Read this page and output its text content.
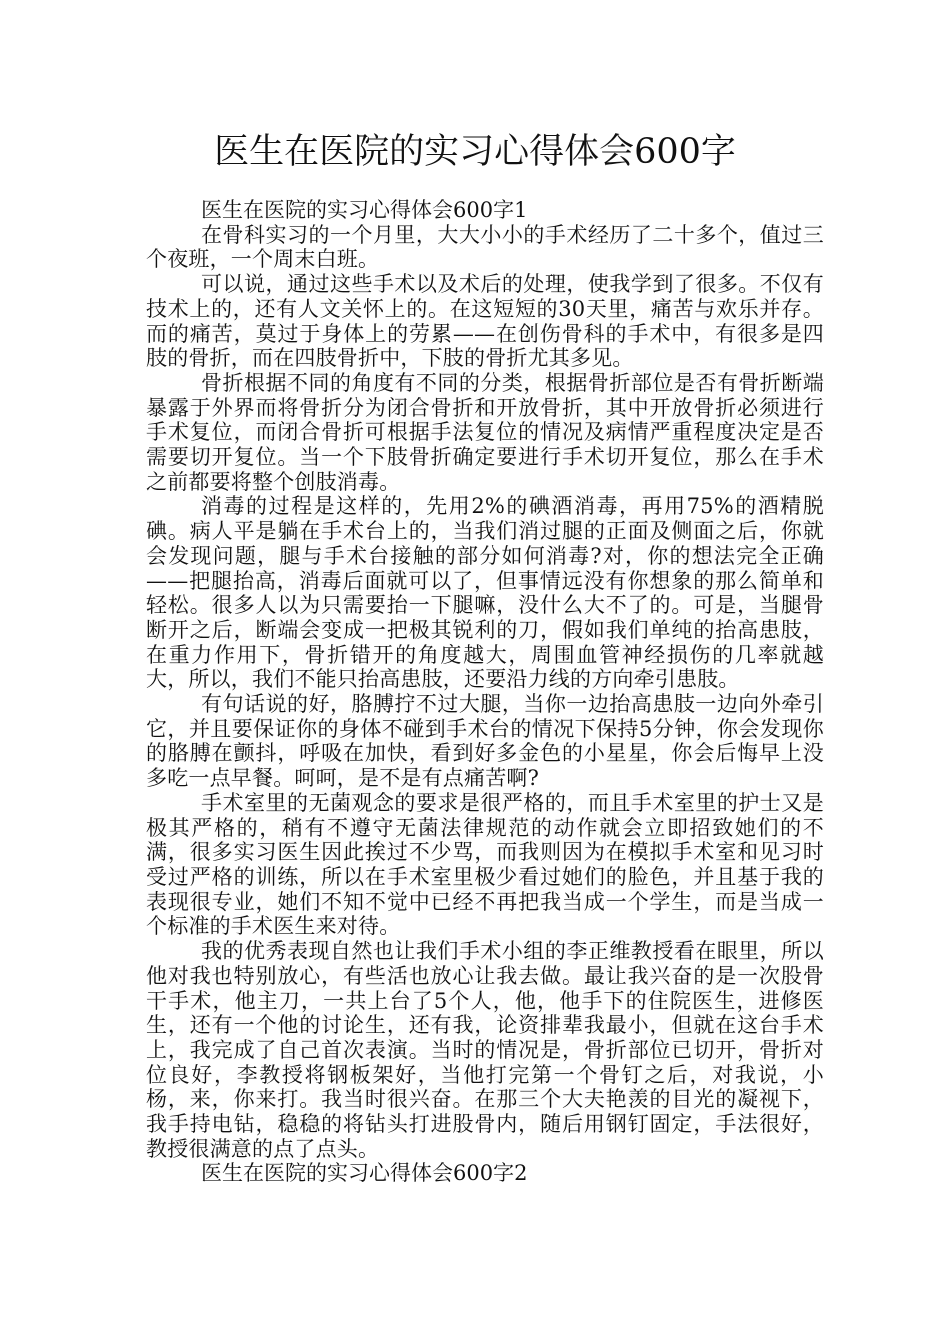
医生在医院的实习心得体会600字

医生在医院的实习心得体会600字1

在骨科实习的一个月里，大大小小的手术经历了二十多个，值过三个夜班，一个周末白班。

可以说，通过这些手术以及术后的处理，使我学到了很多。不仅有技术上的，还有人文关怀上的。在这短短的30天里，痛苦与欢乐并存。而的痛苦，莫过于身体上的劳累——在创伤骨科的手术中，有很多是四肢的骨折，而在四肢骨折中，下肢的骨折尤其多见。

骨折根据不同的角度有不同的分类，根据骨折部位是否有骨折断端暴露于外界而将骨折分为闭合骨折和开放骨折，其中开放骨折必须进行手术复位，而闭合骨折可根据手法复位的情况及病情严重程度决定是否需要切开复位。当一个下肢骨折确定要进行手术切开复位，那么在手术之前都要将整个创肢消毒。

消毒的过程是这样的，先用2%的碘酒消毒，再用75%的酒精脱碘。病人平是躺在手术台上的，当我们消过腿的正面及侧面之后，你就会发现问题，腿与手术台接触的部分如何消毒?对，你的想法完全正确——把腿抬高，消毒后面就可以了，但事情远没有你想象的那么简单和轻松。很多人以为只需要抬一下腿嘛，没什么大不了的。可是，当腿骨断开之后，断端会变成一把极其锐利的刀，假如我们单纯的抬高患肢，在重力作用下，骨折错开的角度越大，周围血管神经损伤的几率就越大，所以，我们不能只抬高患肢，还要沿力线的方向牵引患肢。

有句话说的好，胳膊拧不过大腿，当你一边抬高患肢一边向外牵引它，并且要保证你的身体不碰到手术台的情况下保持5分钟，你会发现你的胳膊在颤抖，呼吸在加快，看到好多金色的小星星，你会后悔早上没多吃一点早餐。呵呵，是不是有点痛苦啊?

手术室里的无菌观念的要求是很严格的，而且手术室里的护士又是极其严格的，稍有不遵守无菌法律规范的动作就会立即招致她们的不满，很多实习医生因此挨过不少骂，而我则因为在模拟手术室和见习时受过严格的训练，所以在手术室里极少看过她们的脸色，并且基于我的表现很专业，她们不知不觉中已经不再把我当成一个学生，而是当成一个标准的手术医生来对待。

我的优秀表现自然也让我们手术小组的李正维教授看在眼里，所以他对我也特别放心，有些活也放心让我去做。最让我兴奋的是一次股骨干手术，他主刀，一共上台了5个人，他，他手下的住院医生，进修医生，还有一个他的讨论生，还有我，论资排辈我最小，但就在这台手术上，我完成了自己首次表演。当时的情况是，骨折部位已切开，骨折对位良好，李教授将钢板架好，当他打完第一个骨钉之后，对我说，小杨，来，你来打。我当时很兴奋。在那三个大夫艳羡的目光的凝视下，我手持电钻，稳稳的将钻头打进股骨内，随后用钢钉固定，手法很好，教授很满意的点了点头。

医生在医院的实习心得体会600字2
